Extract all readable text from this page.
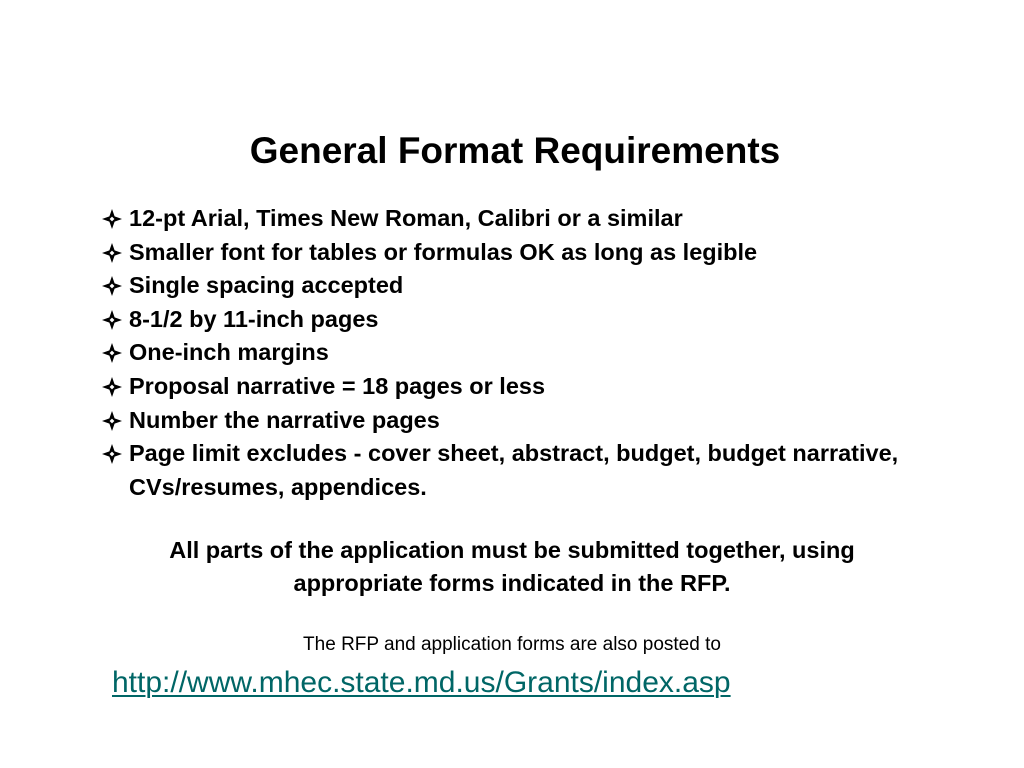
General Format Requirements
12-pt Arial, Times New Roman, Calibri or a similar
Smaller font for tables or formulas OK as long as legible
Single spacing accepted
8-1/2 by 11-inch pages
One-inch margins
Proposal narrative = 18 pages or less
Number the narrative pages
Page limit excludes - cover sheet, abstract, budget, budget narrative, CVs/resumes, appendices.

All parts of the application must be submitted together, using
appropriate forms indicated in the RFP.

The RFP and application forms are also posted to

http://www.mhec.state.md.us/Grants/index.asp
